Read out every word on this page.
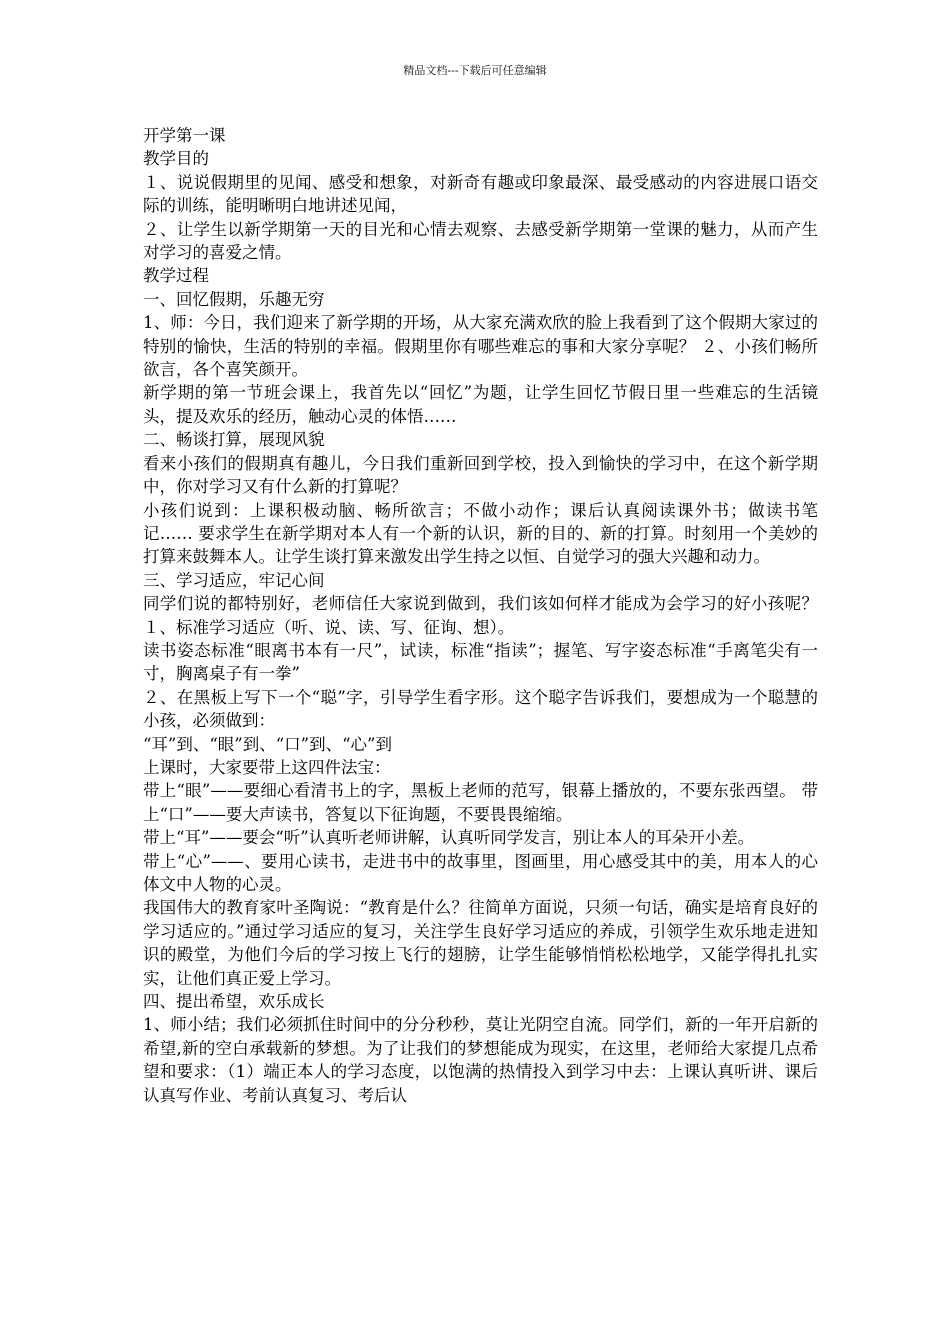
精品文档---下载后可任意编辑

开学第一课

教学目的

１、说说假期里的见闻、感受和想象，对新奇有趣或印象最深、最受感动的内容进展口语交际的训练，能明晰明白地讲述见闻，

２、让学生以新学期第一天的目光和心情去观察、去感受新学期第一堂课的魅力，从而产生对学习的喜爱之情。

教学过程

一、回忆假期，乐趣无穷

1、师：今日，我们迎来了新学期的开场，从大家充满欢欣的脸上我看到了这个假期大家过的特别的愉快，生活的特别的幸福。假期里你有哪些难忘的事和大家分享呢？ ２、小孩们畅所欲言，各个喜笑颜开。

新学期的第一节班会课上，我首先以“回忆”为题，让学生回忆节假日里一些难忘的生活镜头，提及欢乐的经历，触动心灵的体悟……

二、畅谈打算，展现风貌

看来小孩们的假期真有趣儿，今日我们重新回到学校，投入到愉快的学习中，在这个新学期中，你对学习又有什么新的打算呢？

小孩们说到：上课积极动脑、畅所欲言；不做小动作；课后认真阅读课外书；做读书笔记…… 要求学生在新学期对本人有一个新的认识，新的目的、新的打算。时刻用一个美妙的打算来鼓舞本人。让学生谈打算来激发出学生持之以恒、自觉学习的强大兴趣和动力。

三、学习适应，牢记心间

同学们说的都特别好，老师信任大家说到做到，我们该如何样才能成为会学习的好小孩呢？ １、标准学习适应（听、说、读、写、征询、想）。

读书姿态标准“眼离书本有一尺”，试读，标准“指读”；握笔、写字姿态标准“手离笔尖有一寸，胸离桌子有一拳”

２、在黑板上写下一个“聪”字，引导学生看字形。这个聪字告诉我们，要想成为一个聪慧的小孩，必须做到：

“耳”到、“眼”到、“口”到、“心”到

上课时，大家要带上这四件法宝：

带上“眼”——要细心看清书上的字，黑板上老师的范写，银幕上播放的，不要东张西望。 带上“口”——要大声读书，答复以下征询题，不要畏畏缩缩。

带上“耳”——要会“听”认真听老师讲解，认真听同学发言，别让本人的耳朵开小差。

带上“心”——、要用心读书，走进书中的故事里，图画里，用心感受其中的美，用本人的心体文中人物的心灵。

我国伟大的教育家叶圣陶说：“教育是什么？往简单方面说，只须一句话，确实是培育良好的学习适应的。”通过学习适应的复习，关注学生良好学习适应的养成，引领学生欢乐地走进知识的殿堂，为他们今后的学习按上飞行的翅膀，让学生能够悄悄松松地学，又能学得扎扎实实，让他们真正爱上学习。

四、提出希望，欢乐成长

1、师小结；我们必须抓住时间中的分分秒秒，莫让光阴空自流。同学们，新的一年开启新的希望,新的空白承载新的梦想。为了让我们的梦想能成为现实，在这里，老师给大家提几点希望和要求：（1）端正本人的学习态度，以饱满的热情投入到学习中去：上课认真听讲、课后认真写作业、考前认真复习、考后认
